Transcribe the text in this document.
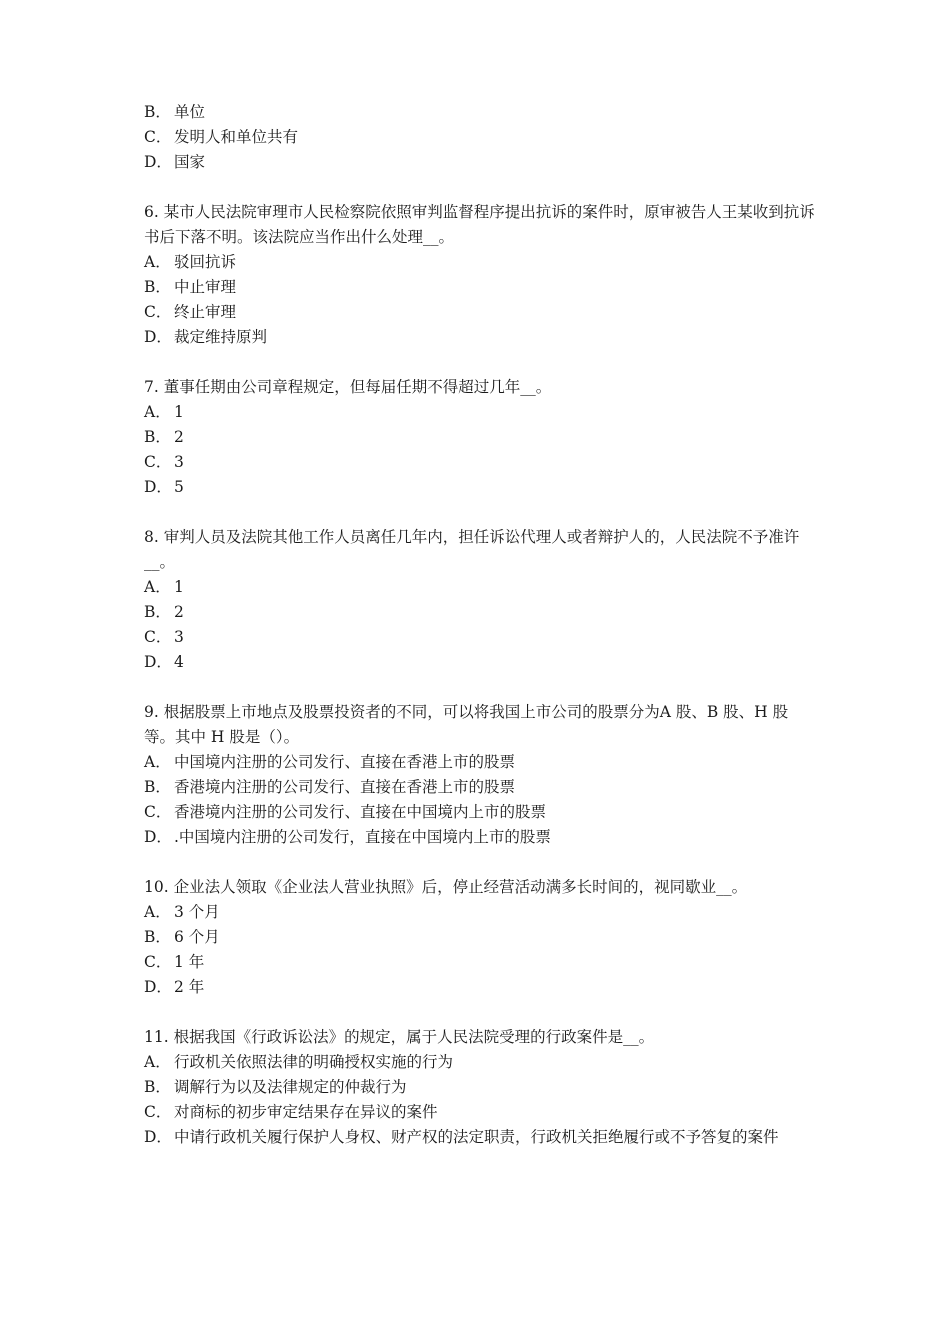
B． 单位
C． 发明人和单位共有
D． 国家
6. 某市人民法院审理市人民检察院依照审判监督程序提出抗诉的案件时，原审被告人王某收到抗诉书后下落不明。该法院应当作出什么处理__。
A． 驳回抗诉
B． 中止审理
C． 终止审理
D． 裁定维持原判
7. 董事任期由公司章程规定，但每届任期不得超过几年__。
A． 1
B． 2
C． 3
D． 5
8. 审判人员及法院其他工作人员离任几年内，担任诉讼代理人或者辩护人的，人民法院不予准许__。
A． 1
B． 2
C． 3
D． 4
9. 根据股票上市地点及股票投资者的不同，可以将我国上市公司的股票分为A 股、B 股、H 股等。其中 H 股是（）。
A． 中国境内注册的公司发行、直接在香港上市的股票
B． 香港境内注册的公司发行、直接在香港上市的股票
C． 香港境内注册的公司发行、直接在中国境内上市的股票
D． .中国境内注册的公司发行，直接在中国境内上市的股票
10. 企业法人领取《企业法人营业执照》后，停止经营活动满多长时间的，视同歇业__。
A． 3 个月
B． 6 个月
C． 1 年
D． 2 年
11. 根据我国《行政诉讼法》的规定，属于人民法院受理的行政案件是__。
A． 行政机关依照法律的明确授权实施的行为
B． 调解行为以及法律规定的仲裁行为
C． 对商标的初步审定结果存在异议的案件
D． 中请行政机关履行保护人身权、财产权的法定职责，行政机关拒绝履行或不予答复的案件
